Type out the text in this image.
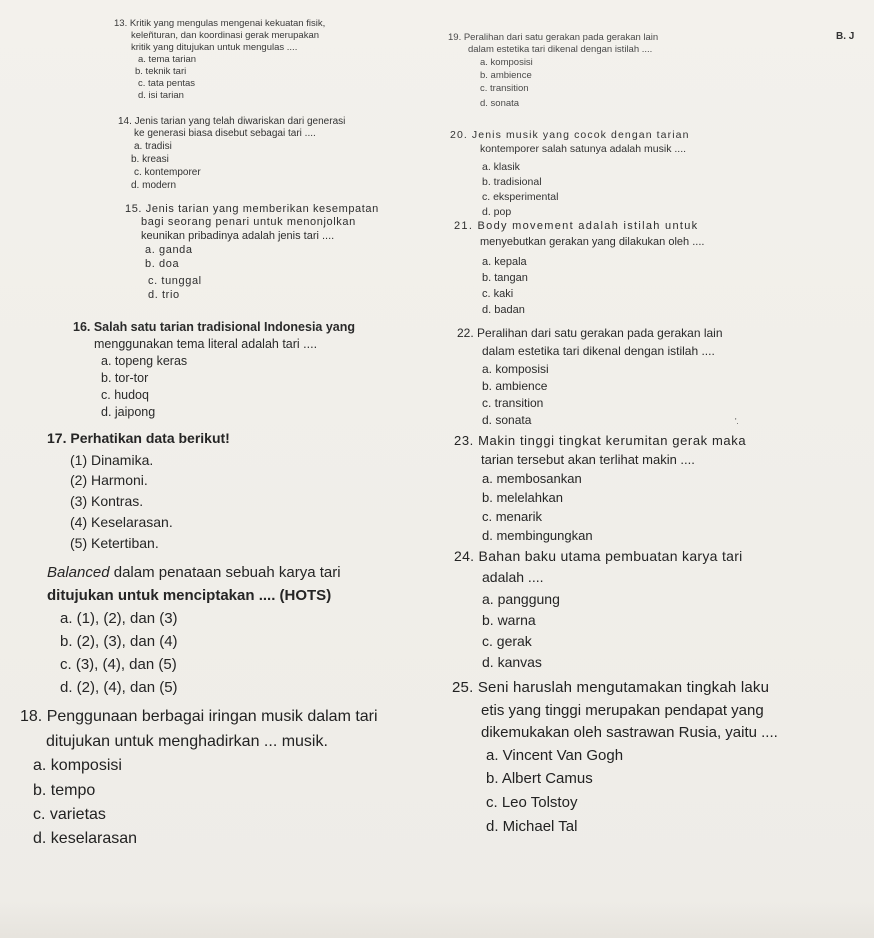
B. J
13. Kritik yang mengulas mengenai kekuatan fisik,
keleñturan, dan koordinasi gerak merupakan
kritik yang ditujukan untuk mengulas ....
a. tema tarian
b. teknik tari
c. tata pentas
d. isi tarian
14. Jenis tarian yang telah diwariskan dari generasi
ke generasi biasa disebut sebagai tari ....
a. tradisi
b. kreasi
c. kontemporer
d. modern
15. Jenis tarian yang memberikan kesempatan
bagi seorang penari untuk menonjolkan
keunikan pribadinya adalah jenis tari ....
a. ganda
b. doa
c. tunggal
d. trio
16. Salah satu tarian tradisional Indonesia yang
menggunakan tema literal adalah tari ....
a. topeng keras
b. tor-tor
c. hudoq
d. jaipong
17. Perhatikan data berikut!
(1) Dinamika.
(2) Harmoni.
(3) Kontras.
(4) Keselarasan.
(5) Ketertiban.
Balanced dalam penataan sebuah karya tari
ditujukan untuk menciptakan .... (HOTS)
a. (1), (2), dan (3)
b. (2), (3), dan (4)
c. (3), (4), dan (5)
d. (2), (4), dan (5)
18. Penggunaan berbagai iringan musik dalam tari
ditujukan untuk menghadirkan ... musik.
a. komposisi
b. tempo
c. varietas
d. keselarasan
19. Peralihan dari satu gerakan pada gerakan lain
dalam estetika tari dikenal dengan istilah ....
a. komposisi
b. ambience
c. transition
d. sonata
20. Jenis musik yang cocok dengan tarian
kontemporer salah satunya adalah musik ....
a. klasik
b. tradisional
c. eksperimental
d. pop
21. Body movement adalah istilah untuk
menyebutkan gerakan yang dilakukan oleh ....
a. kepala
b. tangan
c. kaki
d. badan
22. Peralihan dari satu gerakan pada gerakan lain
dalam estetika tari dikenal dengan istilah ....
a. komposisi
b. ambience
c. transition
d. sonata	'.
23. Makin tinggi tingkat kerumitan gerak maka
tarian tersebut akan terlihat makin ....
a. membosankan
b. melelahkan
c. menarik
d. membingungkan
24. Bahan baku utama pembuatan karya tari
adalah ....
a. panggung
b. warna
c. gerak
d. kanvas
25. Seni haruslah mengutamakan tingkah laku
etis yang tinggi merupakan pendapat yang
dikemukakan oleh sastrawan Rusia, yaitu ....
a. Vincent Van Gogh
b. Albert Camus
c. Leo Tolstoy
d. Michael Tal
